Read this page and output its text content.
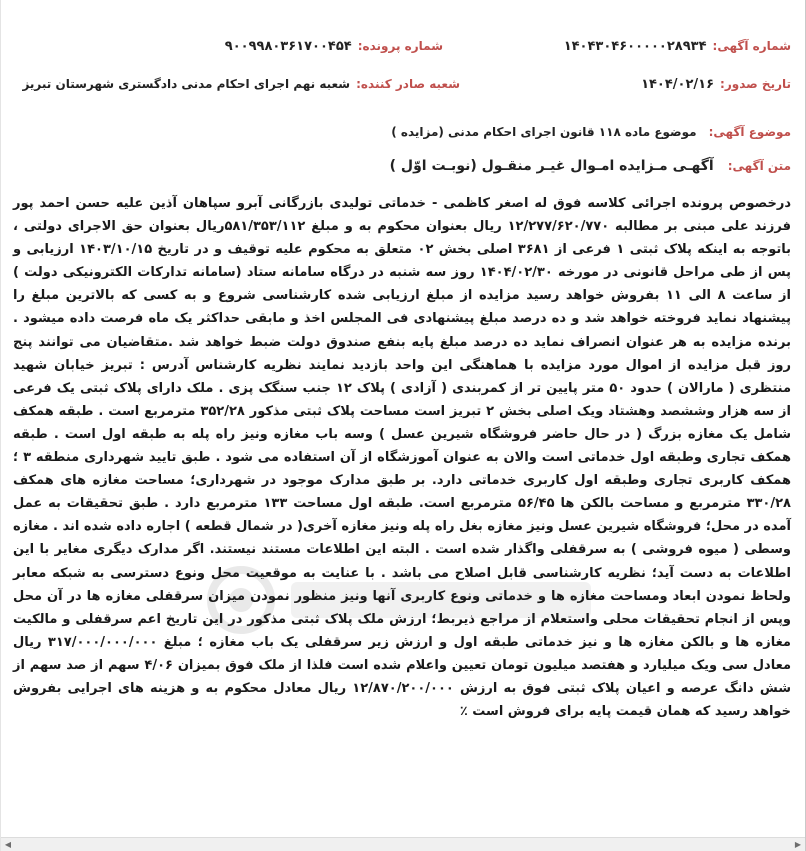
شماره آگهی:
۱۴۰۴۳۰۴۶۰۰۰۰۰۲۸۹۳۴
شماره پرونده:
۹۰۰۹۹۸۰۳۶۱۷۰۰۴۵۴
تاریخ صدور:
۱۴۰۴/۰۲/۱۶
شعبه صادر کننده:
شعبه نهم اجرای احکام مدنی دادگستری شهرستان تبریز
موضوع آگهی:
موضوع ماده ۱۱۸ قانون اجرای احکام مدنی (مزایده )
متن آگهی:
آگهـی مـزایده امـوال غیـر منقـول (نوبـت اوّل )

درخصوص پرونده اجرائی کلاسه فوق له اصغر کاظمی - خدماتی تولیدی بازرگانی آبرو سپاهان آذین علیه حسن احمد پور فرزند علی مبنی بر مطالبه ۱۲/۲۷۷/۶۲۰/۷۷۰ ریال بعنوان محکوم به و مبلغ ۵۸۱/۳۵۳/۱۱۲ریال بعنوان حق الاجرای دولتی ، باتوجه به اینکه پلاک ثبتی ۱ فرعی از ۳۶۸۱ اصلی بخش ۰۲ متعلق به محکوم علیه توقیف و در تاریخ ۱۴۰۳/۱۰/۱۵ ارزیابی و پس از طی مراحل قانونی در مورخه ۱۴۰۴/۰۲/۳۰ روز سه شنبه در درگاه سامانه ستاد (سامانه تدارکات الکترونیکی دولت ) از ساعت ۸ الی ۱۱ بفروش خواهد رسید مزایده از مبلغ ارزیابی شده کارشناسی شروع و به کسی که بالاترین مبلغ را پیشنهاد نماید فروخته خواهد شد و ده درصد مبلغ پیشنهادی فی المجلس اخذ و مابقی حداکثر یک ماه فرصت داده میشود . برنده مزایده به هر عنوان انصراف نماید ده درصد مبلغ پایه بنفع صندوق دولت ضبط خواهد شد .متقاضیان می توانند پنج روز قبل مزایده از اموال مورد مزایده با هماهنگی این واحد بازدید نمایند نظریه کارشناس آدرس : تبریز خیابان شهید منتظری ( مارالان ) حدود ۵۰ متر پایین تر از کمربندی ( آزادی ) پلاک ۱۲ جنب سنگک پزی . ملک دارای پلاک ثبتی یک فرعی از سه هزار وششصد وهشتاد ویک اصلی بخش ۲ تبریز است مساحت پلاک ثبتی مذکور ۳۵۲/۲۸ مترمربع است . طبقه همکف شامل یک مغازه بزرگ ( در حال حاضر فروشگاه شیرین عسل ) وسه باب مغازه ونیز راه پله به طبقه اول است . طبقه همکف تجاری وطبقه اول خدماتی است والان به عنوان آموزشگاه از آن استفاده می شود . طبق تایید شهرداری منطقه ۳ ؛ همکف کاربری تجاری وطبقه اول کاربری خدماتی دارد. بر طبق مدارک موجود در شهرداری؛ مساحت مغازه های همکف ۳۳۰/۲۸ مترمربع و مساحت بالکن ها ۵۶/۴۵ مترمربع است. طبقه اول مساحت ۱۳۳ مترمربع دارد . طبق تحقیقات به عمل آمده در محل؛ فروشگاه شیرین عسل ونیز مغازه بغل راه پله ونیز مغازه آخری( در شمال قطعه ) اجاره داده شده اند . مغازه وسطی ( میوه فروشی ) به سرقفلی واگذار شده است . البته این اطلاعات مستند نیستند. اگر مدارک دیگری مغایر با این اطلاعات به دست آید؛ نظریه کارشناسی قابل اصلاح می باشد . با عنایت به موقعیت محل ونوع دسترسی به شبکه معابر ولحاظ نمودن ابعاد ومساحت مغازه ها و خدماتی ونوع کاربری آنها ونیز منظور نمودن میزان سرقفلی مغازه ها در آن محل وپس از انجام تحقیقات محلی واستعلام از مراجع ذیربط؛ ارزش ملک پلاک ثبتی مذکور در این تاریخ اعم سرقفلی و مالکیت مغازه ها و بالکن مغازه ها و نیز خدماتی طبقه اول و ارزش زیر سرقفلی یک باب مغازه ؛ مبلغ ۳۱۷/۰۰۰/۰۰۰/۰۰۰ ریال معادل سی ویک میلیارد و هفتصد میلیون تومان تعیین واعلام شده است فلذا از ملک فوق بمیزان ۴/۰۶ سهم از صد سهم از شش دانگ عرصه و اعیان پلاک ثبتی فوق به ارزش ۱۲/۸۷۰/۲۰۰/۰۰۰ ریال معادل محکوم به و هزینه های اجرایی بفروش خواهد رسید که همان قیمت پایه برای فروش است ٪

◀	▶
